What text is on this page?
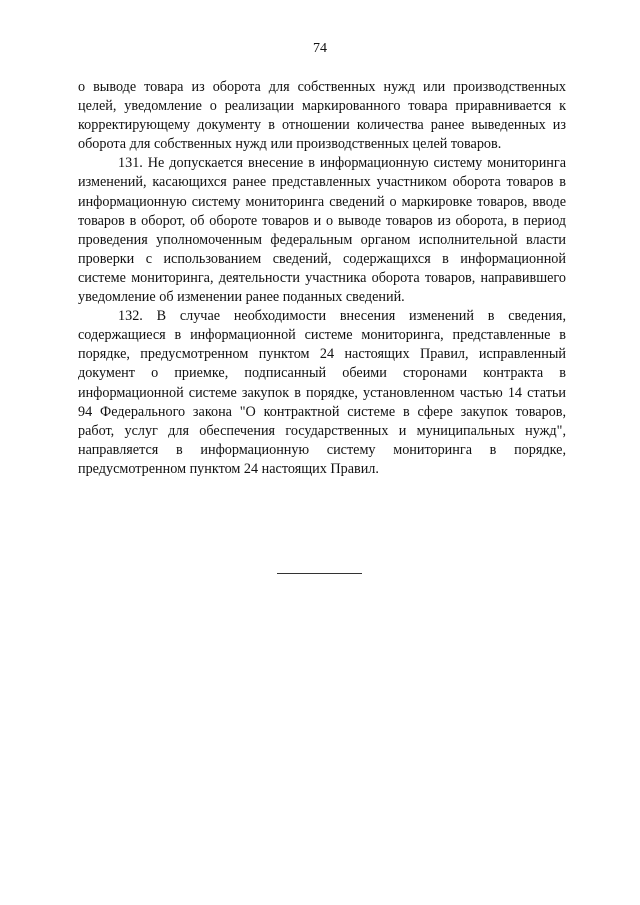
74

о выводе товара из оборота для собственных нужд или производственных целей, уведомление о реализации маркированного товара приравнивается к корректирующему документу в отношении количества ранее выведенных из оборота для собственных нужд или производственных целей товаров.

131. Не допускается внесение в информационную систему мониторинга изменений, касающихся ранее представленных участником оборота товаров в информационную систему мониторинга сведений о маркировке товаров, вводе товаров в оборот, об обороте товаров и о выводе товаров из оборота, в период проведения уполномоченным федеральным органом исполнительной власти проверки с использованием сведений, содержащихся в информационной системе мониторинга, деятельности участника оборота товаров, направившего уведомление об изменении ранее поданных сведений.

132. В случае необходимости внесения изменений в сведения, содержащиеся в информационной системе мониторинга, представленные в порядке, предусмотренном пунктом 24 настоящих Правил, исправленный документ о приемке, подписанный обеими сторонами контракта в информационной системе закупок в порядке, установленном частью 14 статьи 94 Федерального закона "О контрактной системе в сфере закупок товаров, работ, услуг для обеспечения государственных и муниципальных нужд", направляется в информационную систему мониторинга в порядке, предусмотренном пунктом 24 настоящих Правил.
